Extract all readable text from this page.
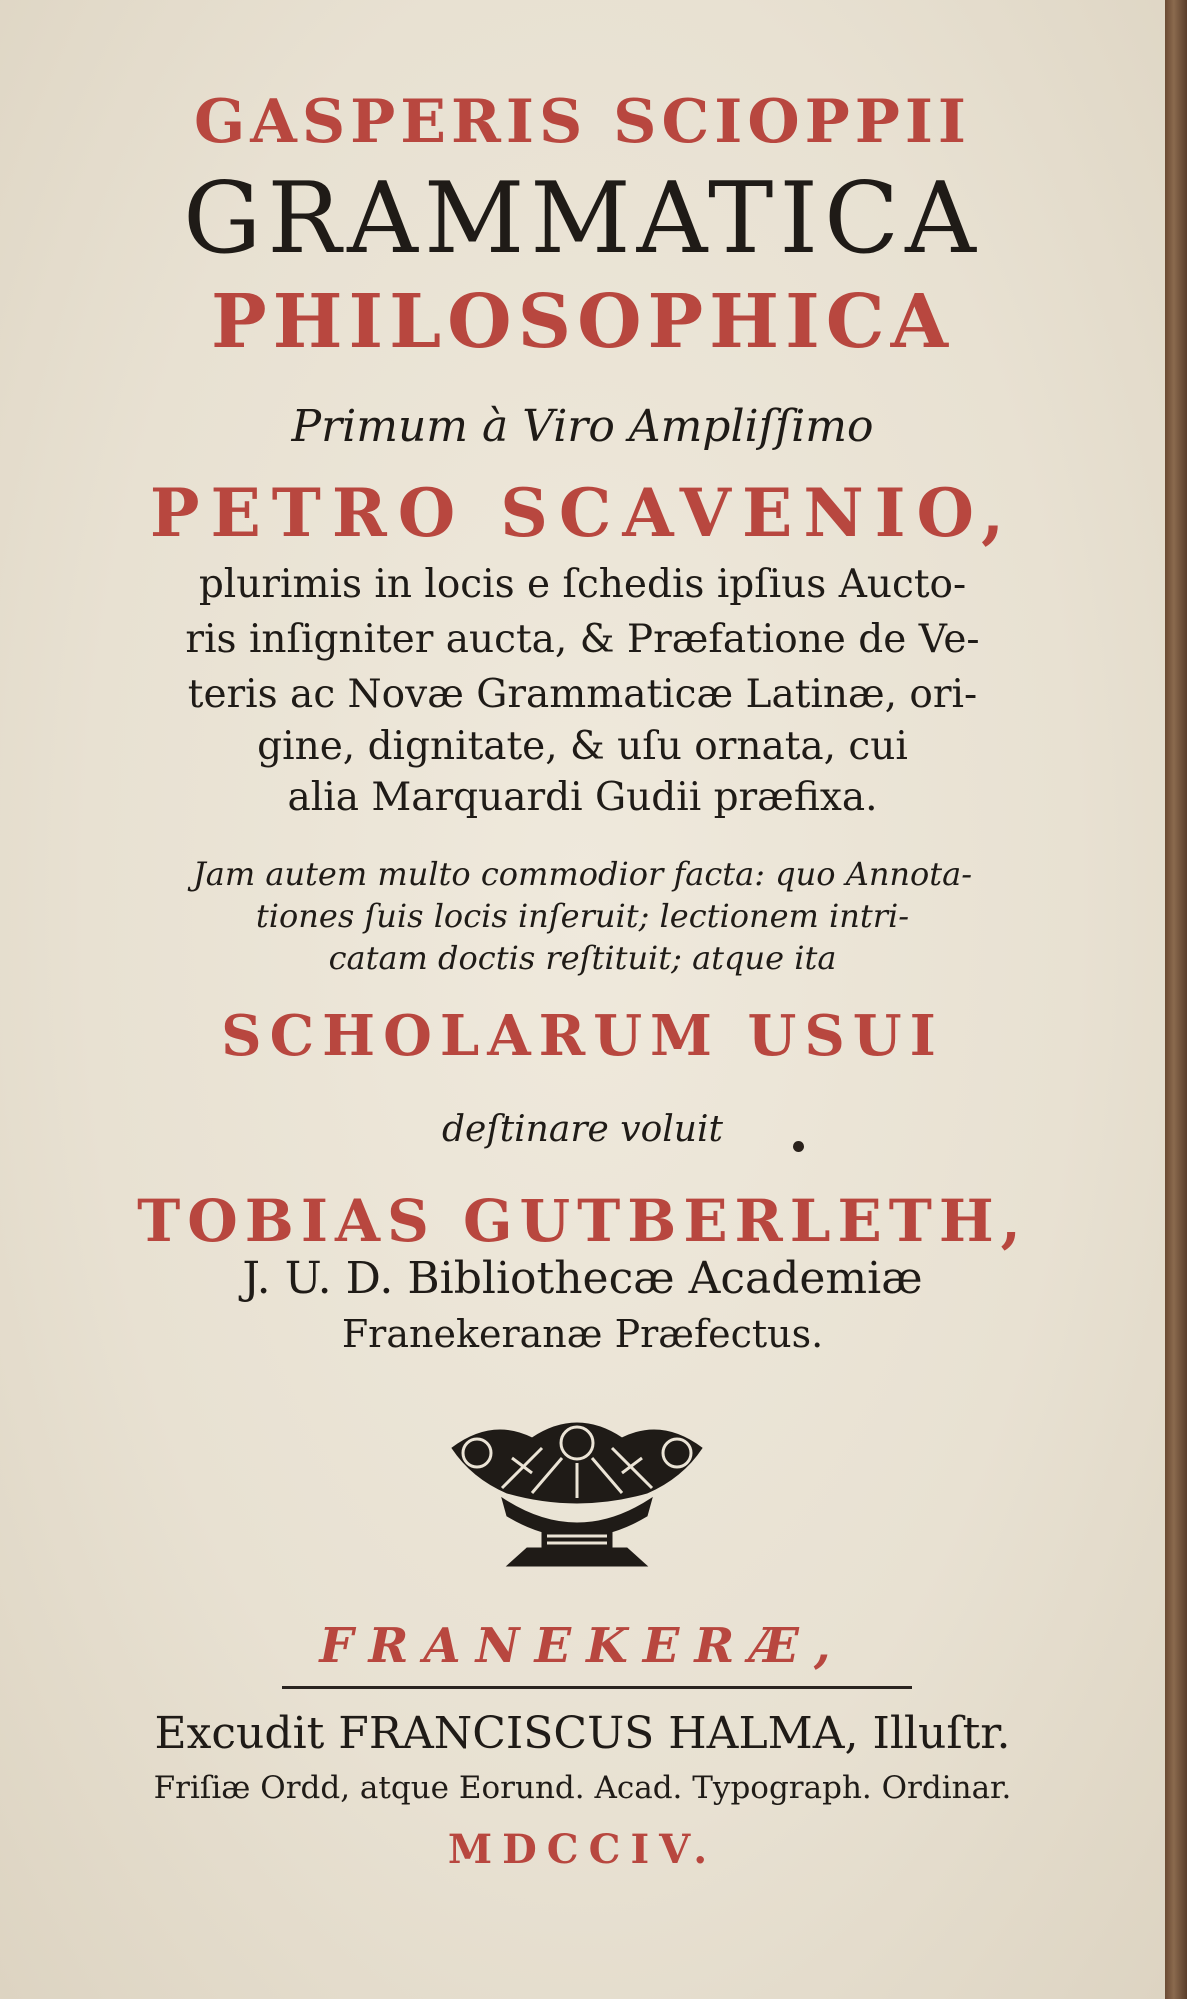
GASPERIS SCIOPPII
GRAMMATICA
PHILOSOPHICA
Primum à Viro Ampliſſimo
PETRO SCAVENIO,
plurimis in locis e ſchedis ipſius Auсto-
ris inſigniter aucta, & Præfatione de Ve-
teris ac Novæ Grammaticæ Latinæ, ori-
gine, dignitate, & uſu ornata, cui
alia Marquardi Gudii præfixa.
Jam autem multo commodior facta: quo Annota-
tiones ſuis locis inſeruit; lectionem intri-
catam doctis reſtituit; atque ita
SCHOLARUM USUI
deſtinare voluit
TOBIAS GUTBERLETH,
J. U. D. Bibliothecæ Academiæ
Franekeranæ Præfectus.
FRANEKERÆ,
Excudit FRANCISCUS HALMA, Illuſtr.
Friſiæ Ordd, atque Eorund. Acad. Typograph. Ordinar.
MDCCIV.
